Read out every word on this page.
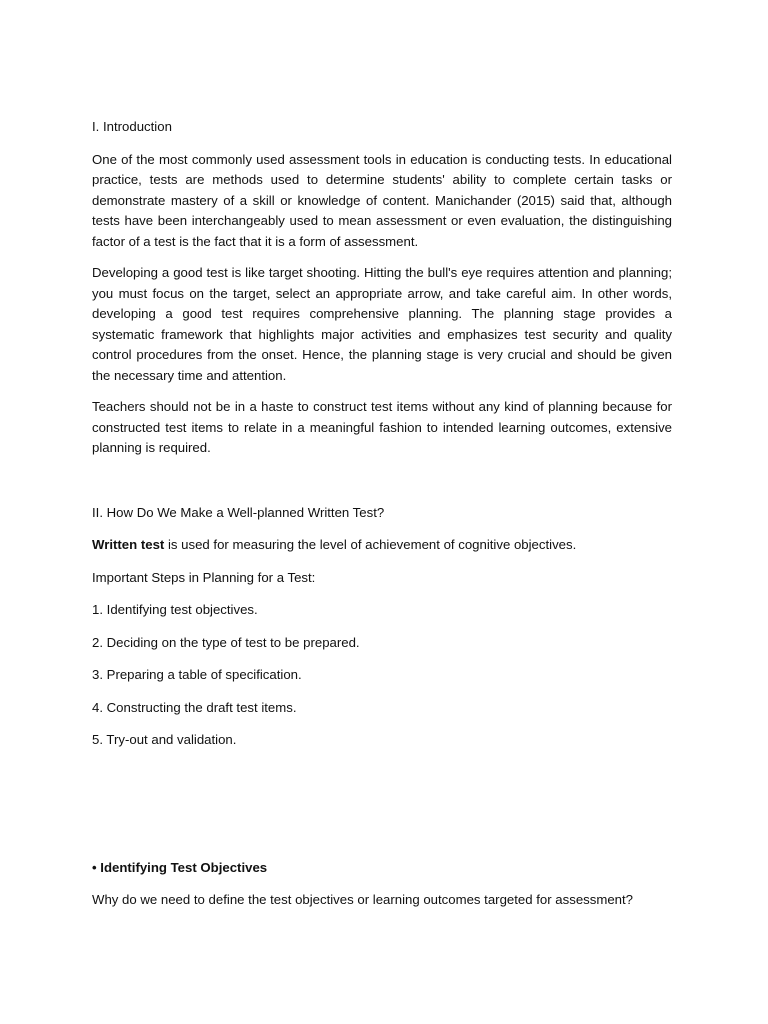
I. Introduction

One of the most commonly used assessment tools in education is conducting tests. In educational practice, tests are methods used to determine students' ability to complete certain tasks or demonstrate mastery of a skill or knowledge of content. Manichander (2015) said that, although tests have been interchangeably used to mean assessment or even evaluation, the distinguishing factor of a test is the fact that it is a form of assessment.

Developing a good test is like target shooting. Hitting the bull's eye requires attention and planning; you must focus on the target, select an appropriate arrow, and take careful aim. In other words, developing a good test requires comprehensive planning. The planning stage provides a systematic framework that highlights major activities and emphasizes test security and quality control procedures from the onset. Hence, the planning stage is very crucial and should be given the necessary time and attention.

Teachers should not be in a haste to construct test items without any kind of planning because for constructed test items to relate in a meaningful fashion to intended learning outcomes, extensive planning is required.

II. How Do We Make a Well-planned Written Test?

Written test is used for measuring the level of achievement of cognitive objectives.

Important Steps in Planning for a Test:

1. Identifying test objectives.

2. Deciding on the type of test to be prepared.

3. Preparing a table of specification.

4. Constructing the draft test items.

5. Try-out and validation.

• Identifying Test Objectives

Why do we need to define the test objectives or learning outcomes targeted for assessment?
